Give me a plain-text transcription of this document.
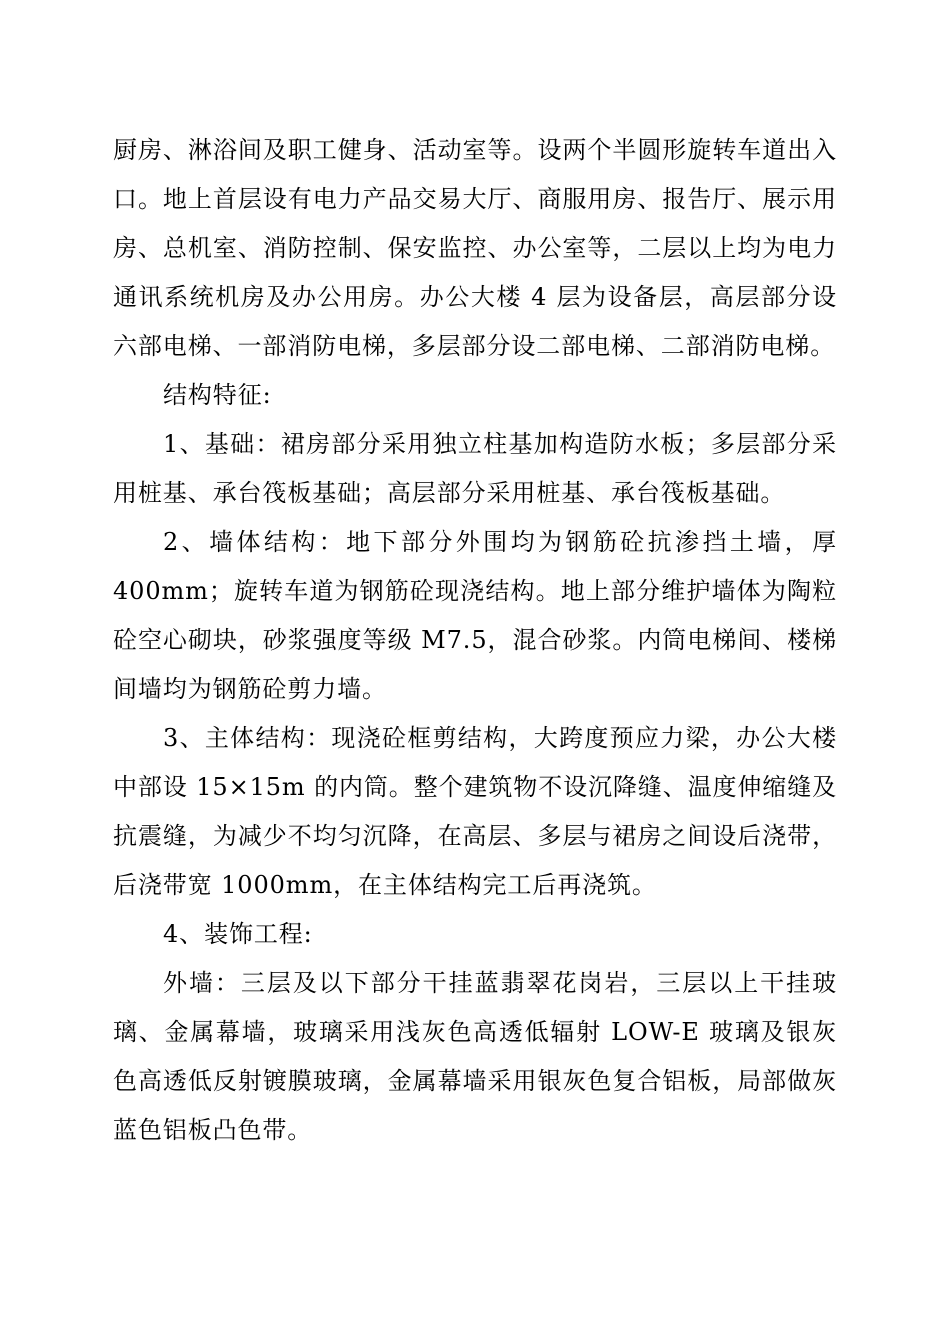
厨房、淋浴间及职工健身、活动室等。设两个半圆形旋转车道出入口。地上首层设有电力产品交易大厅、商服用房、报告厅、展示用房、总机室、消防控制、保安监控、办公室等，二层以上均为电力通讯系统机房及办公用房。办公大楼 4 层为设备层，高层部分设六部电梯、一部消防电梯，多层部分设二部电梯、二部消防电梯。

结构特征:

1、基础：裙房部分采用独立柱基加构造防水板；多层部分采用桩基、承台筏板基础；高层部分采用桩基、承台筏板基础。

2、墙体结构：地下部分外围均为钢筋砼抗渗挡土墙，厚 400mm；旋转车道为钢筋砼现浇结构。地上部分维护墙体为陶粒砼空心砌块，砂浆强度等级 M7.5，混合砂浆。内筒电梯间、楼梯间墙均为钢筋砼剪力墙。

3、主体结构：现浇砼框剪结构，大跨度预应力梁，办公大楼中部设 15×15m 的内筒。整个建筑物不设沉降缝、温度伸缩缝及抗震缝，为减少不均匀沉降，在高层、多层与裙房之间设后浇带，后浇带宽 1000mm，在主体结构完工后再浇筑。

4、装饰工程:

外墙：三层及以下部分干挂蓝翡翠花岗岩，三层以上干挂玻璃、金属幕墙，玻璃采用浅灰色高透低辐射 LOW-E 玻璃及银灰色高透低反射镀膜玻璃，金属幕墙采用银灰色复合铝板，局部做灰蓝色铝板凸色带。
